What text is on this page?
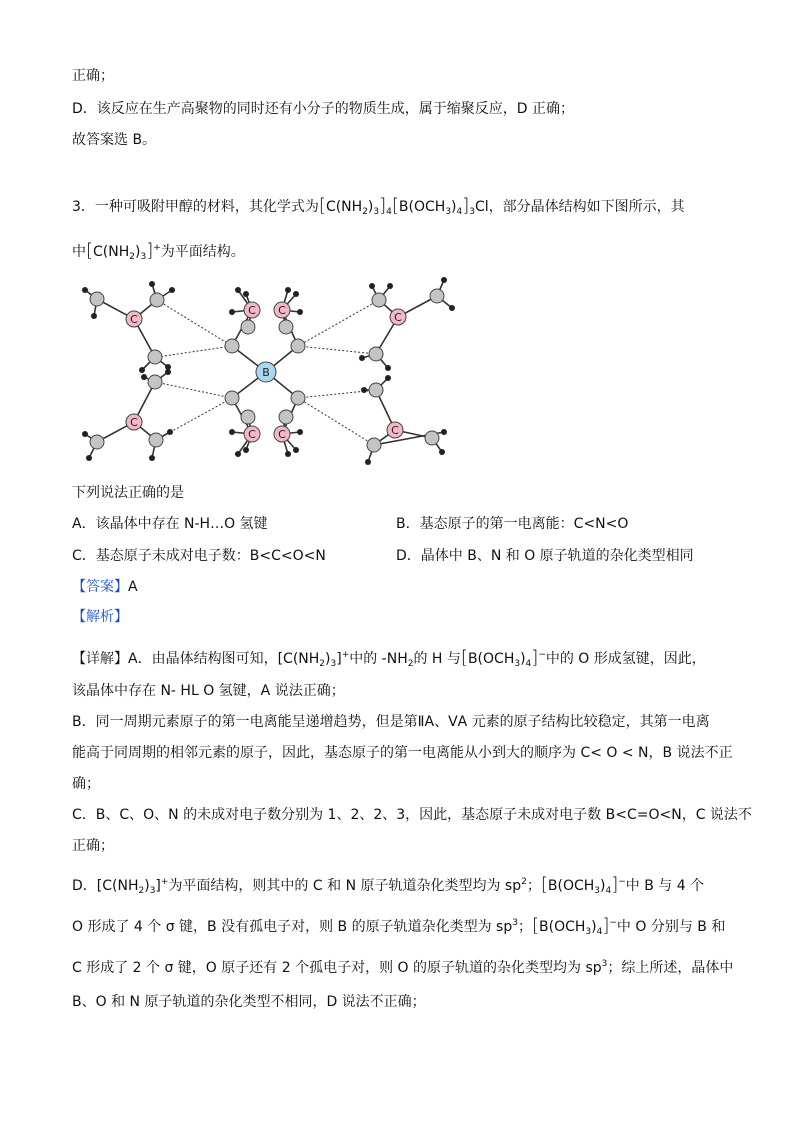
正确；
D．该反应在生产高聚物的同时还有小分子的物质生成，属于缩聚反应，D 正确；
故答案选 B。
3．一种可吸附甲醇的材料，其化学式为$[C(NH_2)_3]_4[B(OCH_3)_4]_3Cl$，部分晶体结构如下图所示，其
中$[C(NH_2)_3]^+$为平面结构。
C
C
C
C
C C
C C
B
下列说法正确的是
A．该晶体中存在 N-H…O 氢键	B．基态原子的第一电离能：C<N<O
C．基态原子未成对电子数：B<C<O<N	D．晶体中 B、N 和 O 原子轨道的杂化类型相同
【答案】A
【解析】
【详解】A．由晶体结构图可知，$[C(NH_2)_3]^+$中的 $-NH_2$的 H 与$[B(OCH_3)_4]^-$中的 O 形成氢键，因此，
该晶体中存在 N- HL O 氢键，A 说法正确；
B．同一周期元素原子的第一电离能呈递增趋势，但是第ⅡA、ⅤA 元素的原子结构比较稳定，其第一电离
能高于同周期的相邻元素的原子，因此，基态原子的第一电离能从小到大的顺序为 C< O < N，B 说法不正
确；
C．B、C、O、N 的未成对电子数分别为 1、2、2、3，因此，基态原子未成对电子数 B<C=O<N，C 说法不
正确；
D．$[C(NH_2)_3]^+$为平面结构，则其中的 C 和 N 原子轨道杂化类型均为 $sp^2$；$[B(OCH_3)_4]^-$中 B 与 4 个
O 形成了 4 个 σ 键，B 没有孤电子对，则 B 的原子轨道杂化类型为 $sp^3$；$[B(OCH_3)_4]^-$中 O 分别与 B 和
C 形成了 2 个 σ 键，O 原子还有 2 个孤电子对，则 O 的原子轨道的杂化类型均为 $sp^3$；综上所述，晶体中
B、O 和 N 原子轨道的杂化类型不相同，D 说法不正确；
